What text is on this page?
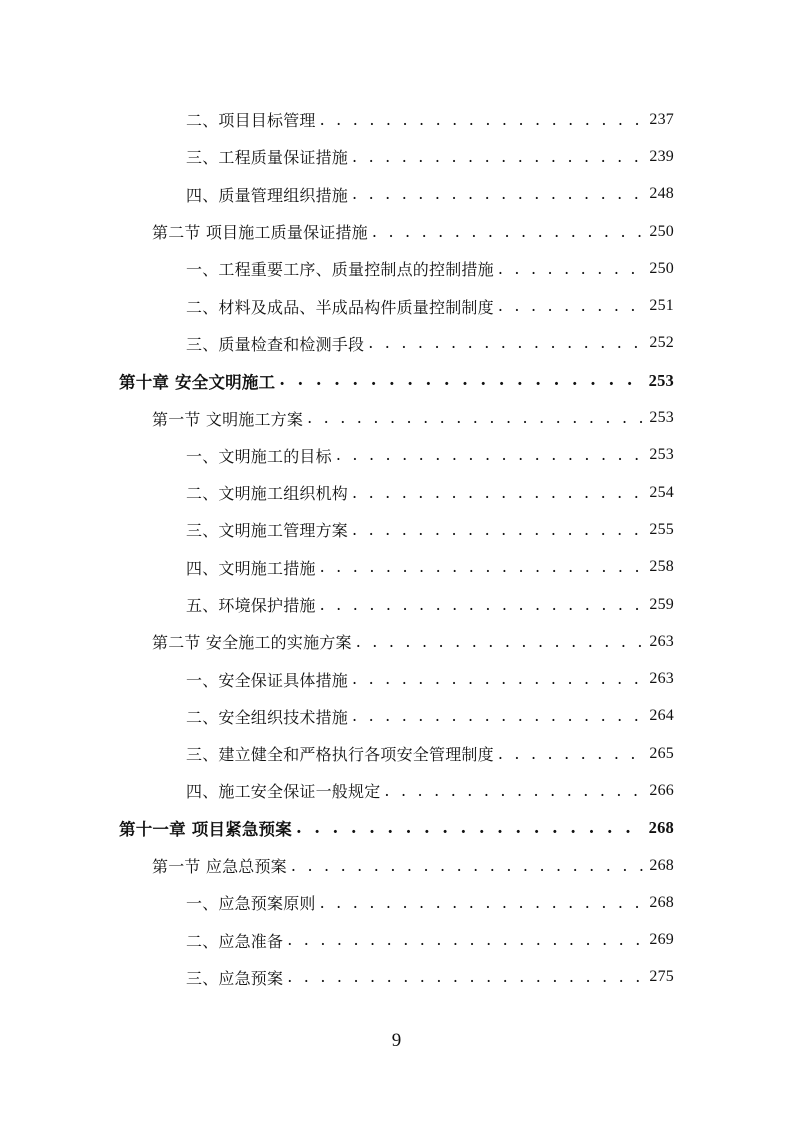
二、项目目标管理 . . .	237
三、工程质量保证措施 . . .	239
四、质量管理组织措施 . . .	248
第二节 项目施工质量保证措施 . . .	250
一、工程重要工序、质量控制点的控制措施 . . .	250
二、材料及成品、半成品构件质量控制制度 . . .	251
三、质量检查和检测手段 . . .	252
第十章 安全文明施工 . . .	253
第一节 文明施工方案 . . .	253
一、文明施工的目标 . . .	253
二、文明施工组织机构 . . .	254
三、文明施工管理方案 . . .	255
四、文明施工措施 . . .	258
五、环境保护措施 . . .	259
第二节 安全施工的实施方案 . . .	263
一、安全保证具体措施 . . .	263
二、安全组织技术措施 . . .	264
三、建立健全和严格执行各项安全管理制度 . . .	265
四、施工安全保证一般规定 . . .	266
第十一章 项目紧急预案 . . .	268
第一节 应急总预案 . . .	268
一、应急预案原则 . . .	268
二、应急准备 . . .	269
三、应急预案 . . .	275
9
